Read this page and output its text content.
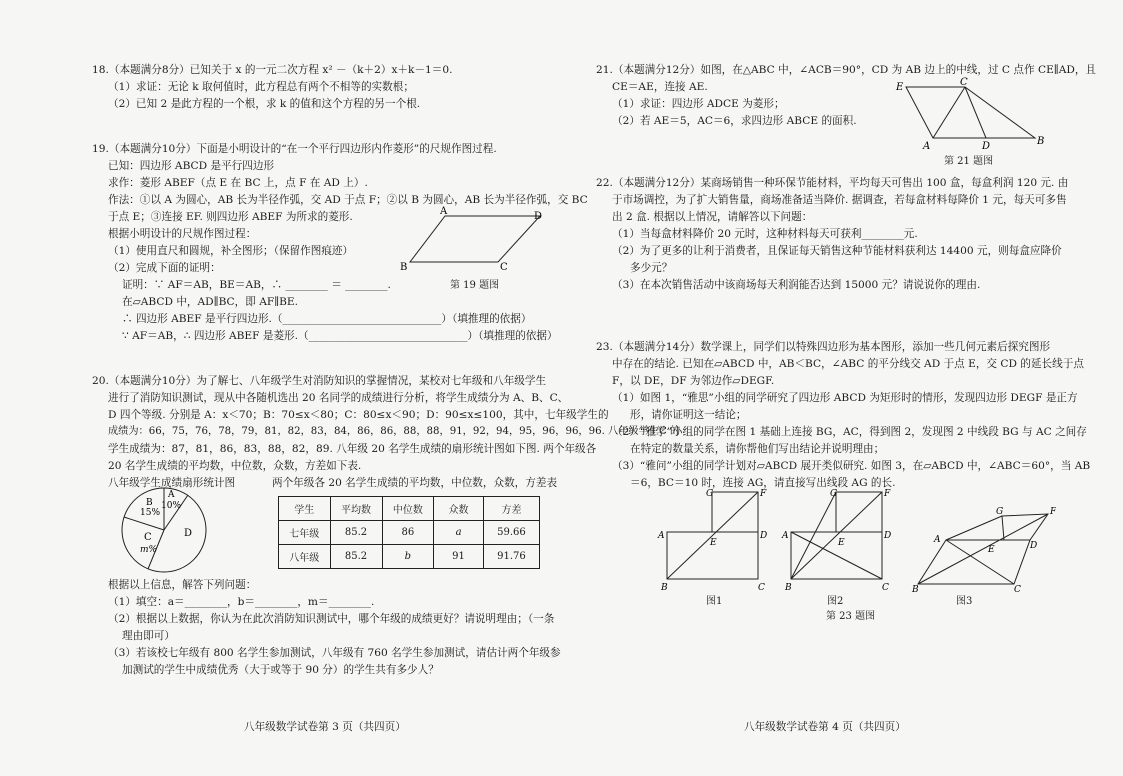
18.（本题满分8分）已知关于 x 的一元二次方程 x² －（k＋2）x＋k－1＝0.
（1）求证：无论 k 取何值时，此方程总有两个不相等的实数根；
（2）已知 2 是此方程的一个根，求 k 的值和这个方程的另一个根.
19.（本题满分10分）下面是小明设计的“在一个平行四边形内作菱形”的尺规作图过程.
已知：四边形 ABCD 是平行四边形
求作：菱形 ABEF（点 E 在 BC 上，点 F 在 AD 上）.
作法：①以 A 为圆心，AB 长为半径作弧，交 AD 于点 F；②以 B 为圆心，AB 长为半径作弧，交 BC
于点 E；③连接 EF. 则四边形 ABEF 为所求的菱形.
根据小明设计的尺规作图过程：
（1）使用直尺和圆规，补全图形；（保留作图痕迹）
（2）完成下面的证明：
证明：∵ AF＝AB，BE＝AB，∴ ________ ＝ ________.
在▱ABCD 中，AD∥BC，即 AF∥BE.
∴ 四边形 ABEF 是平行四边形.（______________________________）（填推理的依据）
∵ AF＝AB，∴ 四边形 ABEF 是菱形.（______________________________）（填推理的依据）
A	D
B	C
第 19 题图
20.（本题满分10分）为了解七、八年级学生对消防知识的掌握情况，某校对七年级和八年级学生
进行了消防知识测试，现从中各随机选出 20 名同学的成绩进行分析，将学生成绩分为 A、B、C、
D 四个等级. 分别是 A：x＜70；B：70≤x＜80；C：80≤x＜90；D：90≤x≤100，其中，七年级学生的
成绩为：66，75，76，78，79，81，82，83，84，86，86，88，88，91，92，94，95，96，96，96. 八年级学生C 的
学生成绩为：87，81，86，83，88，82，89. 八年级 20 名学生成绩的扇形统计图如下图. 两个年级各
20 名学生成绩的平均数，中位数，众数，方差如下表.
八年级学生成绩扇形统计图	两个年级各 20 名学生成绩的平均数，中位数，众数，方差表
A
10%
B
15%
C
m%
D
学生	平均数	中位数	众数	方差
七年级	85.2	86	a	59.66
八年级	85.2	b	91	91.76
根据以上信息，解答下列问题：
（1）填空：a＝________，b＝________，m＝________.
（2）根据以上数据，你认为在此次消防知识测试中，哪个年级的成绩更好？请说明理由；（一条
理由即可）
（3）若该校七年级有 800 名学生参加测试，八年级有 760 名学生参加测试，请估计两个年级参
加测试的学生中成绩优秀（大于或等于 90 分）的学生共有多少人？
八年级数学试卷第 3 页（共四页）
21.（本题满分12分）如图，在△ABC 中，∠ACB＝90°，CD 为 AB 边上的中线，过 C 点作 CE∥AD，且
CE＝AE，连接 AE.
（1）求证：四边形 ADCE 为菱形；
（2）若 AE＝5，AC＝6，求四边形 ABCE 的面积.
E	C
A	D	B
第 21 题图
22.（本题满分12分）某商场销售一种环保节能材料，平均每天可售出 100 盒，每盒利润 120 元. 由
于市场调控，为了扩大销售量，商场准备适当降价. 据调查，若每盒材料每降价 1 元，每天可多售
出 2 盒. 根据以上情况，请解答以下问题：
（1）当每盒材料降价 20 元时，这种材料每天可获利________元.
（2）为了更多的让利于消费者，且保证每天销售这种节能材料获利达 14400 元，则每盒应降价
多少元？
（3）在本次销售活动中该商场每天利润能否达到 15000 元？请说说你的理由.
23.（本题满分14分）数学课上，同学们以特殊四边形为基本图形，添加一些几何元素后探究图形
中存在的结论. 已知在▱ABCD 中，AB＜BC，∠ABC 的平分线交 AD 于点 E，交 CD 的延长线于点
F，以 DE，DF 为邻边作▱DEGF.
（1）如图 1，“雅思”小组的同学研究了四边形 ABCD 为矩形时的情形，发现四边形 DEGF 是正方
形，请你证明这一结论；
（2）“雅学”小组的同学在图 1 基础上连接 BG，AC，得到图 2，发现图 2 中线段 BG 与 AC 之间存
在特定的数量关系，请你帮他们写出结论并说明理由；
（3）“雅问”小组的同学计划对▱ABCD 展开类似研究. 如图 3，在▱ABCD 中，∠ABC＝60°，当 AB
＝6，BC＝10 时，连接 AG，请直接写出线段 AG 的长.
G	F
A
E
D
B	C
图1
G	F
A
E
D
B	C
图2
G	F
A
E	D
B	C
图3
第 23 题图
八年级数学试卷第 4 页（共四页）
